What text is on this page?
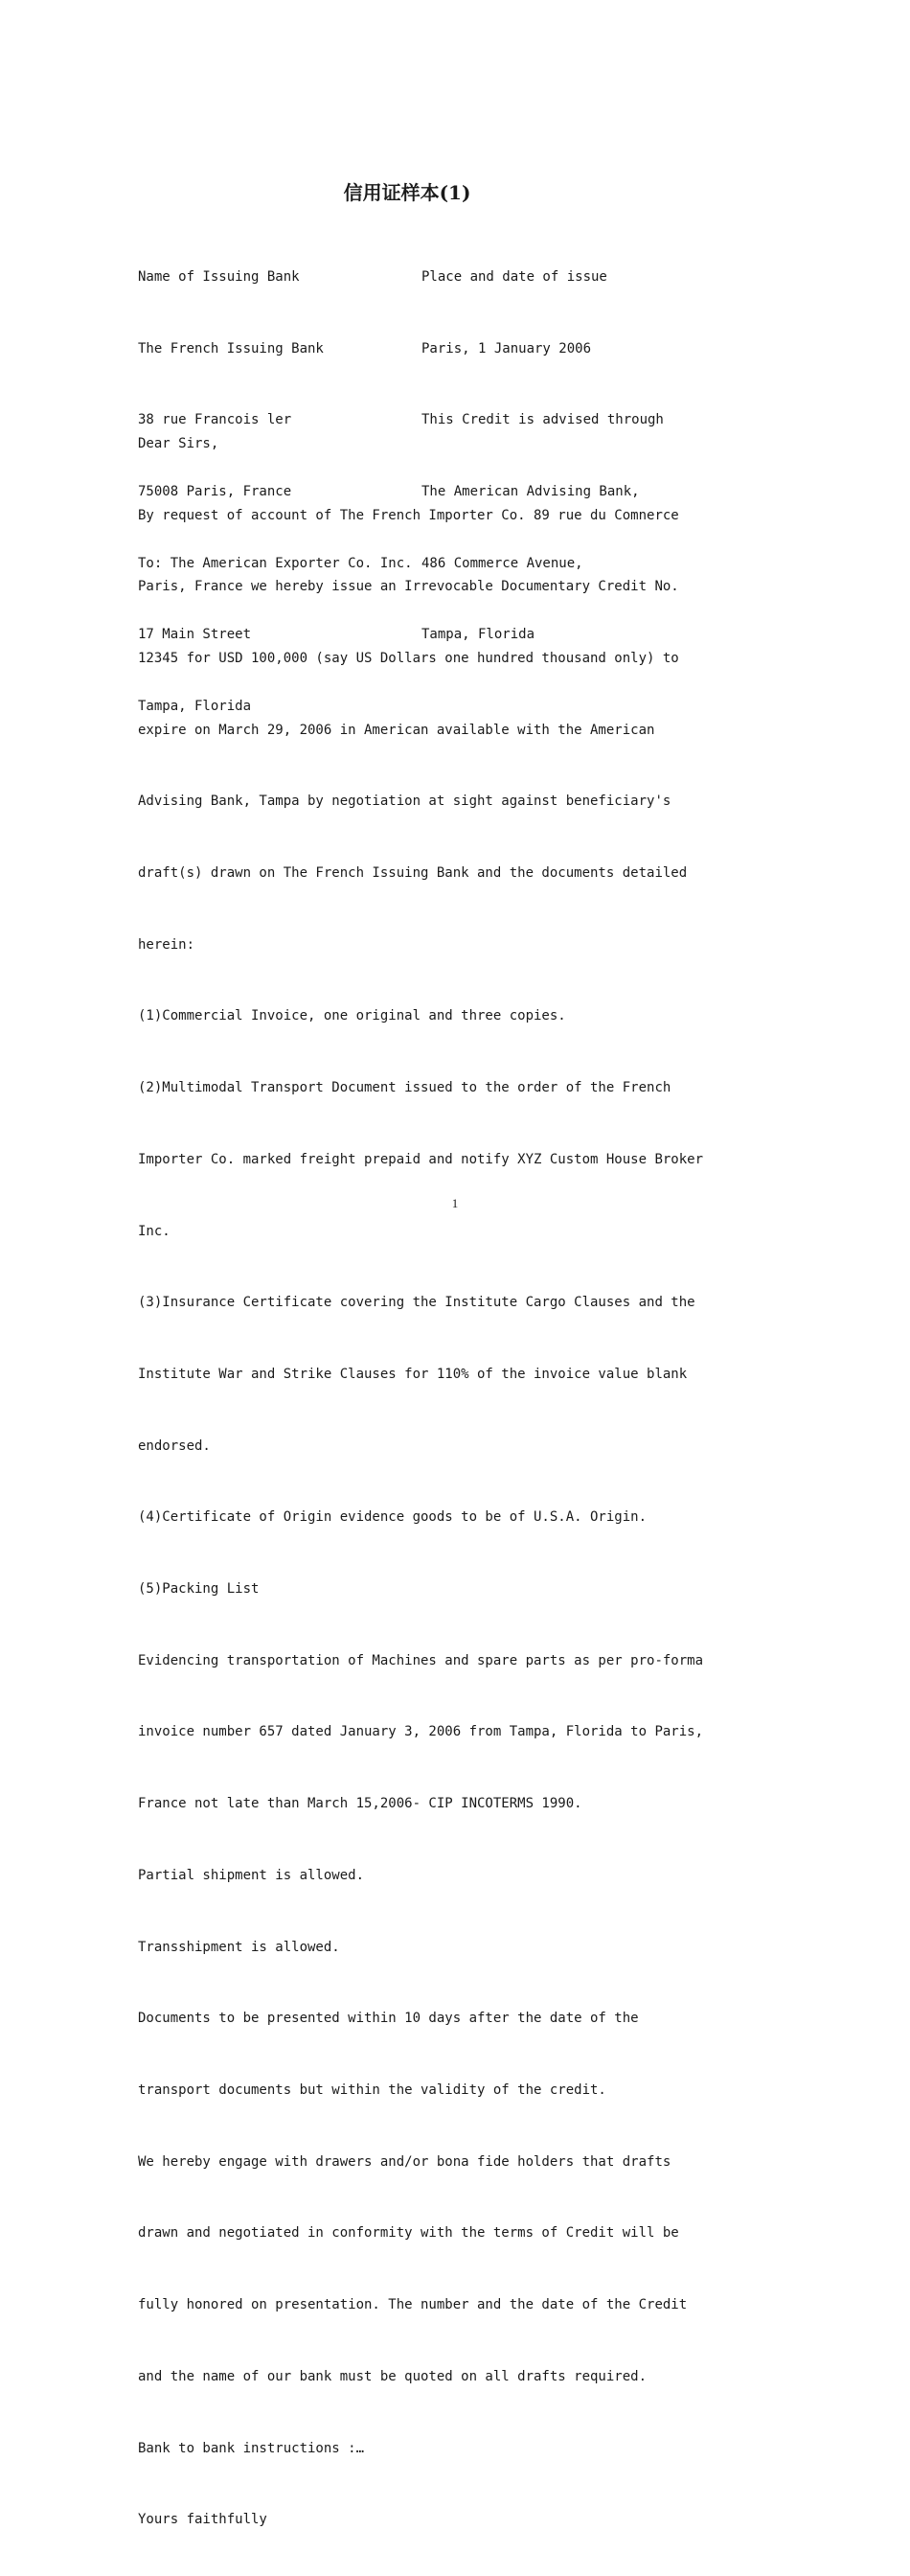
信用证样本(1)

Name of Issuing Bank

The French Issuing Bank

38 rue Francois ler

75008 Paris, France

To: The American Exporter Co. Inc.

17 Main Street

Tampa, Florida

Place and date of issue

Paris, 1 January 2006

This Credit is advised through

The American Advising Bank,

486 Commerce Avenue,

Tampa, Florida

Dear Sirs,

By request of account of The French Importer Co. 89 rue du Comnerce

Paris, France we hereby issue an Irrevocable Documentary Credit No.

12345 for USD 100,000 (say US Dollars one hundred thousand only) to

expire on March 29, 2006 in American available with the American

Advising Bank, Tampa by negotiation at sight against beneficiary's

draft(s) drawn on The French Issuing Bank and the documents detailed

herein:

(1)Commercial Invoice, one original and three copies.

(2)Multimodal Transport Document issued to the order of the French

Importer Co. marked freight prepaid and notify XYZ Custom House Broker

Inc.

(3)Insurance Certificate covering the Institute Cargo Clauses and the

Institute War and Strike Clauses for 110% of the invoice value blank

endorsed.

(4)Certificate of Origin evidence goods to be of U.S.A. Origin.

(5)Packing List

Evidencing transportation of Machines and spare parts as per pro-forma

invoice number 657 dated January 3, 2006 from Tampa, Florida to Paris,

France not late than March 15,2006- CIP INCOTERMS 1990.

Partial shipment is allowed.

Transshipment is allowed.

Documents to be presented within 10 days after the date of the

transport documents but within the validity of the credit.

We hereby engage with drawers and/or bona fide holders that drafts

drawn and negotiated in conformity with the terms of Credit will be

fully honored on presentation. The number and the date of the Credit

and the name of our bank must be quoted on all drafts required.

Bank to bank instructions :…

Yours faithfully

1
